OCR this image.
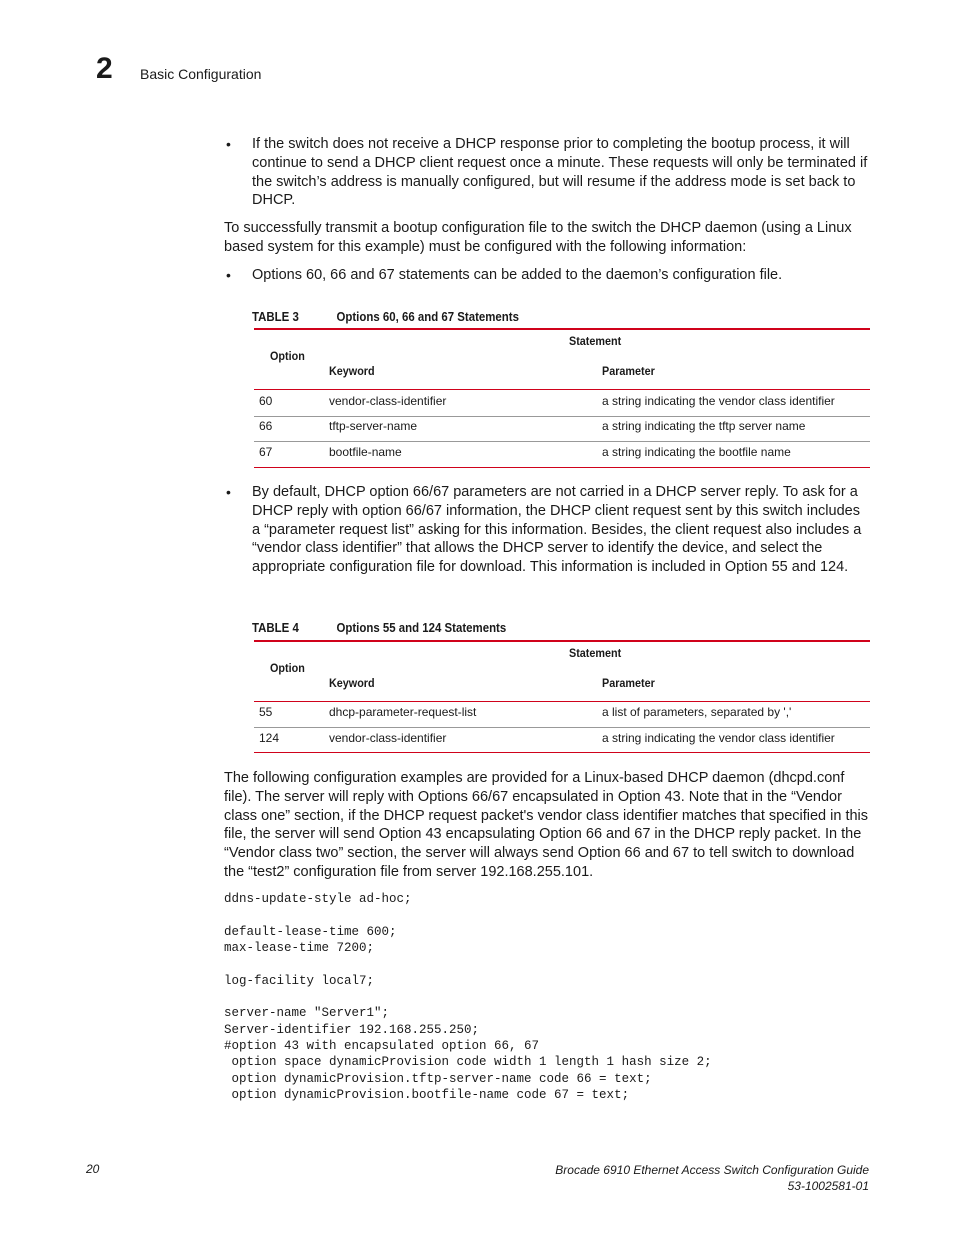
2 Basic Configuration
• If the switch does not receive a DHCP response prior to completing the bootup process, it will continue to send a DHCP client request once a minute. These requests will only be terminated if the switch’s address is manually configured, but will resume if the address mode is set back to DHCP.
To successfully transmit a bootup configuration file to the switch the DHCP daemon (using a Linux based system for this example) must be configured with the following information:
• Options 60, 66 and 67 statements can be added to the daemon’s configuration file.
TABLE 3	Options 60, 66 and 67 Statements
Statement
Option
Keyword	Parameter
60	vendor-class-identifier	a string indicating the vendor class identifier
66	tftp-server-name	a string indicating the tftp server name
67	bootfile-name	a string indicating the bootfile name
• By default, DHCP option 66/67 parameters are not carried in a DHCP server reply. To ask for a DHCP reply with option 66/67 information, the DHCP client request sent by this switch includes a “parameter request list” asking for this information. Besides, the client request also includes a “vendor class identifier” that allows the DHCP server to identify the device, and select the appropriate configuration file for download. This information is included in Option 55 and 124.
TABLE 4	Options 55 and 124 Statements
Statement
Option
Keyword	Parameter
55	dhcp-parameter-request-list	a list of parameters, separated by ','
124	vendor-class-identifier	a string indicating the vendor class identifier
The following configuration examples are provided for a Linux-based DHCP daemon (dhcpd.conf file). The server will reply with Options 66/67 encapsulated in Option 43. Note that in the “Vendor class one” section, if the DHCP request packet's vendor class identifier matches that specified in this file, the server will send Option 43 encapsulating Option 66 and 67 in the DHCP reply packet. In the “Vendor class two” section, the server will always send Option 66 and 67 to tell switch to download the “test2” configuration file from server 192.168.255.101.
ddns-update-style ad-hoc;
default-lease-time 600;
max-lease-time 7200;
log-facility local7;
server-name "Server1";
Server-identifier 192.168.255.250;
#option 43 with encapsulated option 66, 67
option space dynamicProvision code width 1 length 1 hash size 2;
option dynamicProvision.tftp-server-name code 66 = text;
option dynamicProvision.bootfile-name code 67 = text;
20	Brocade 6910 Ethernet Access Switch Configuration Guide
53-1002581-01
